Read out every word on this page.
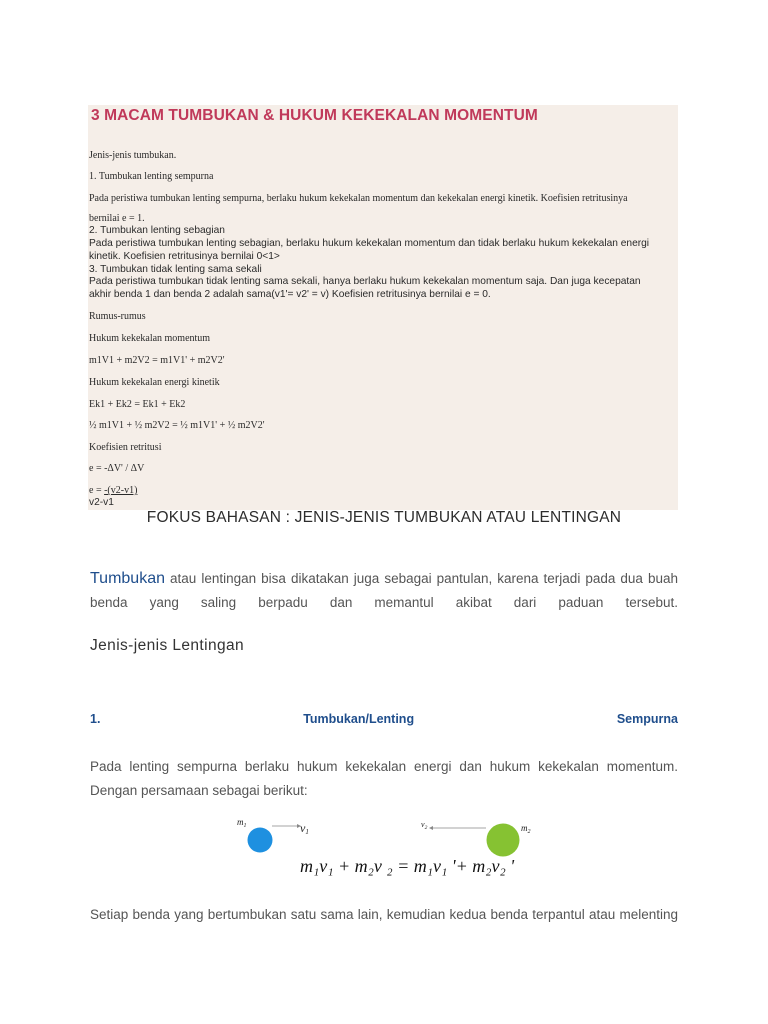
3 MACAM TUMBUKAN & HUKUM KEKEKALAN MOMENTUM
Jenis-jenis tumbukan.
1. Tumbukan lenting sempurna
Pada peristiwa tumbukan lenting sempurna, berlaku hukum kekekalan momentum dan kekekalan energi kinetik. Koefisien retritusinya
bernilai e = 1.
2. Tumbukan lenting sebagian
Pada peristiwa tumbukan lenting sebagian, berlaku hukum kekekalan momentum dan tidak berlaku hukum kekekalan energi
kinetik. Koefisien retritusinya bernilai 0<1>
3. Tumbukan tidak lenting sama sekali
Pada peristiwa tumbukan tidak lenting sama sekali, hanya berlaku hukum kekekalan momentum saja. Dan juga kecepatan
akhir benda 1 dan benda 2 adalah sama(v1'= v2' = v) Koefisien retritusinya bernilai e = 0.
Rumus-rumus
Hukum kekekalan momentum
m1V1 + m2V2 = m1V1' + m2V2'
Hukum kekekalan energi kinetik
Ek1 + Ek2 = Ek1 + Ek2
½ m1V1 + ½ m2V2 = ½ m1V1' + ½ m2V2'
Koefisien retritusi
e = -ΔV' / ΔV
e = -(v2-v1)
v2-v1
FOKUS BAHASAN : JENIS-JENIS TUMBUKAN ATAU LENTINGAN

Tumbukan atau lentingan bisa dikatakan juga sebagai pantulan, karena terjadi pada dua buah benda yang saling berpadu dan memantul akibat dari paduan tersebut.

Jenis-jenis Lentingan
1.	Tumbukan/Lenting	Sempurna

Pada lenting sempurna berlaku hukum kekekalan energi dan hukum kekekalan momentum. Dengan persamaan sebagai berikut:

$m_1$	v1
$v_2$	$m_2$
m₁v₁ + m₂v ₂ = m₁v₁ '+ m₂v₂ '

Setiap benda yang bertumbukan satu sama lain, kemudian kedua benda terpantul atau melenting
